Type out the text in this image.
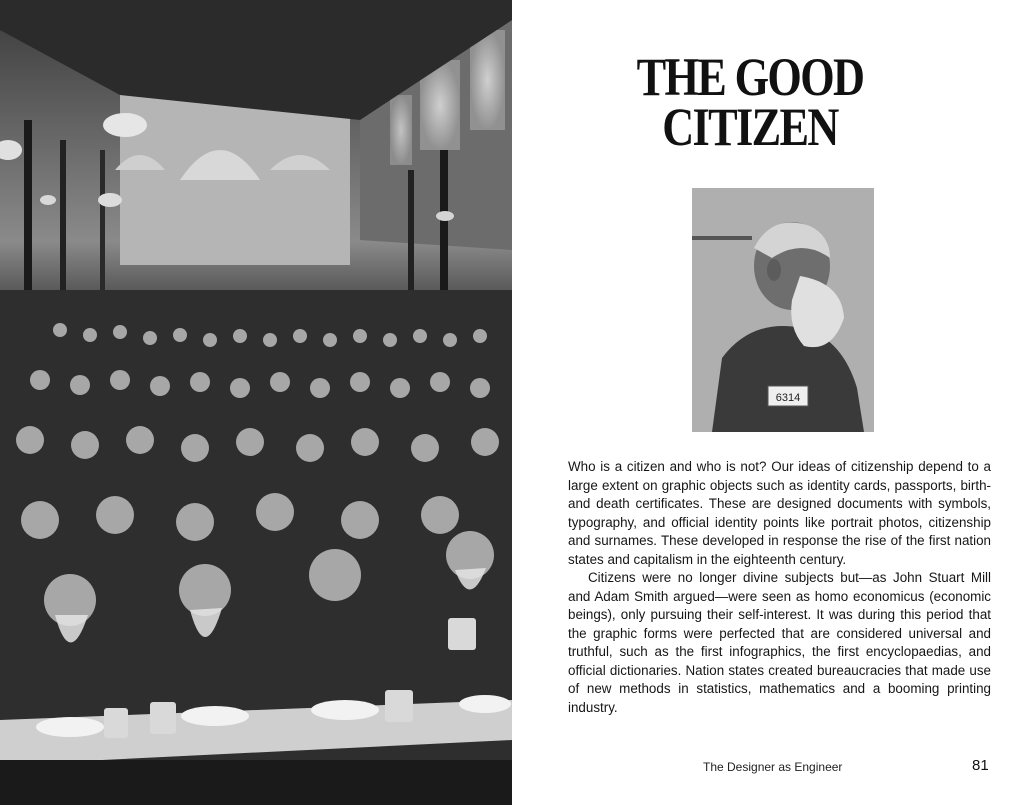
THE GOOD
CITIZEN
6314

Who is a citizen and who is not? Our ideas of citizenship depend to a large extent on graphic objects such as identity cards, passports, birth- and death certificates. These are designed documents with symbols, typography, and official identity points like portrait photos, citizenship and surnames. These developed in response the rise of the first nation states and capitalism in the eighteenth century.

Citizens were no longer divine subjects but—as John Stuart Mill and Adam Smith argued—were seen as homo economicus (economic beings), only pursuing their self-interest. It was during this period that the graphic forms were perfected that are considered universal and truthful, such as the first infographics, the first encyclopaedias, and official dictionaries. Nation states created bureaucracies that made use of new methods in statistics, mathematics and a booming printing industry.

The Designer as Engineer	81
